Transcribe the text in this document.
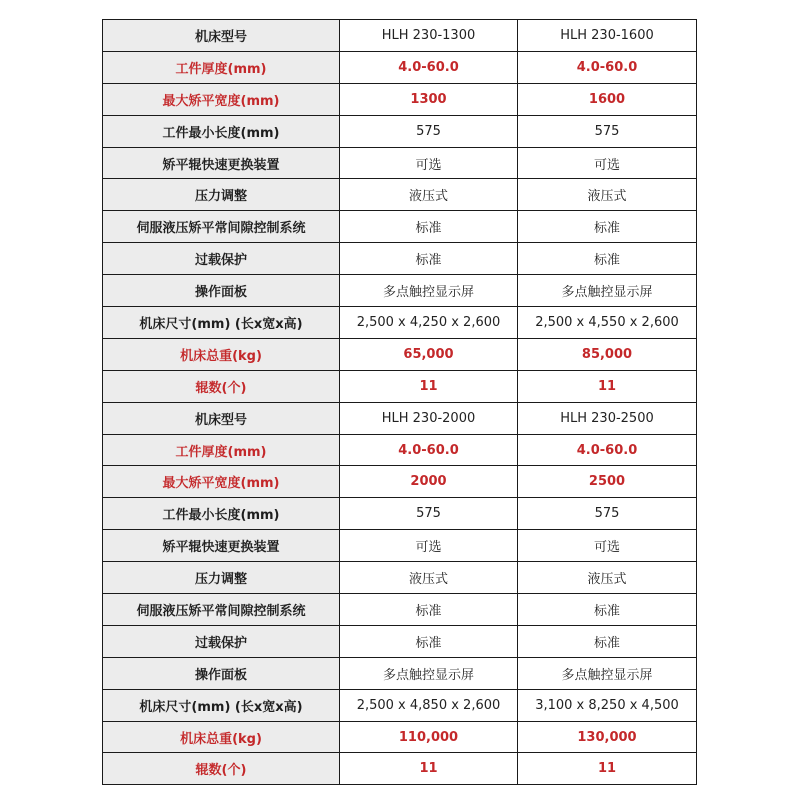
机床型号	HLH 230-1300	HLH 230-1600
工件厚度(mm)	4.0-60.0	4.0-60.0
最大矫平宽度(mm)	1300	1600
工件最小长度(mm)	575	575
矫平辊快速更换装置	可选	可选
压力调整	液压式	液压式
伺服液压矫平常间隙控制系统	标准	标准
过载保护	标准	标准
操作面板	多点触控显示屏	多点触控显示屏
机床尺寸(mm) (长x宽x高)	2,500 x 4,250 x 2,600	2,500 x 4,550 x 2,600
机床总重(kg)	65,000	85,000
辊数(个)	11	11
机床型号	HLH 230-2000	HLH 230-2500
工件厚度(mm)	4.0-60.0	4.0-60.0
最大矫平宽度(mm)	2000	2500
工件最小长度(mm)	575	575
矫平辊快速更换装置	可选	可选
压力调整	液压式	液压式
伺服液压矫平常间隙控制系统	标准	标准
过载保护	标准	标准
操作面板	多点触控显示屏	多点触控显示屏
机床尺寸(mm) (长x宽x高)	2,500 x 4,850 x 2,600	3,100 x 8,250 x 4,500
机床总重(kg)	110,000	130,000
辊数(个)	11	11
